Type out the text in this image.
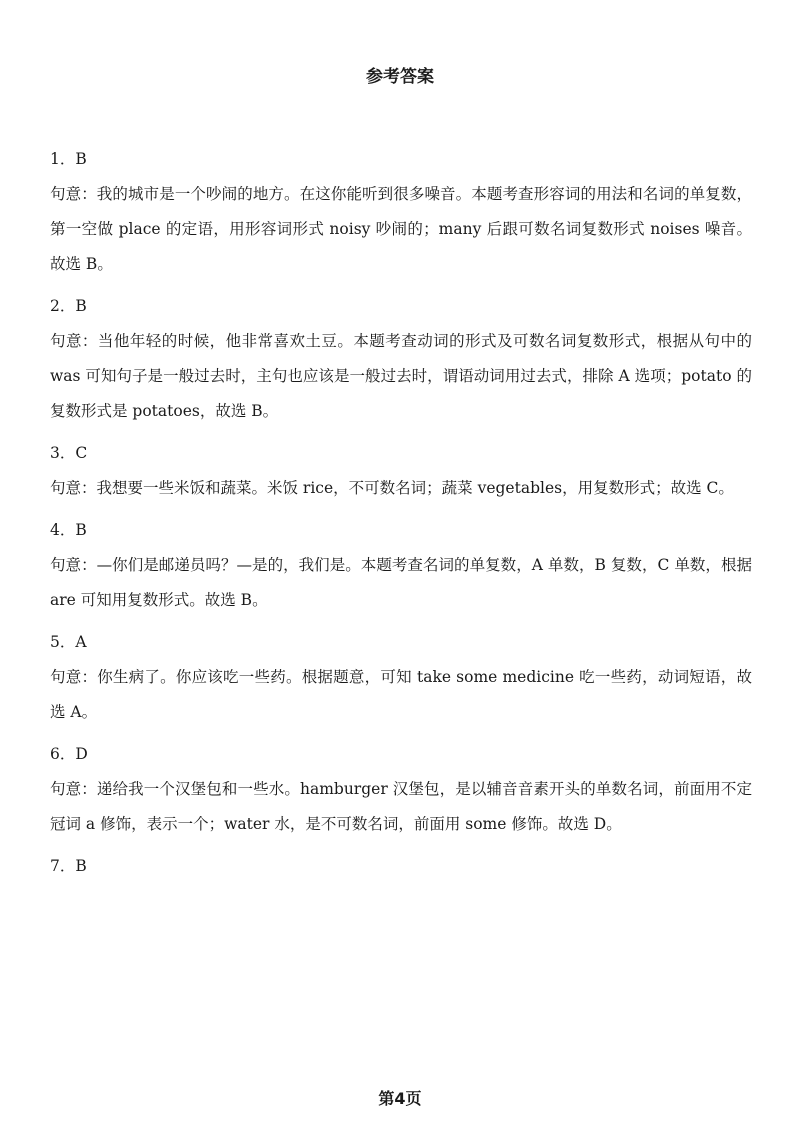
参考答案

1．B

句意：我的城市是一个吵闹的地方。在这你能听到很多噪音。本题考查形容词的用法和名词的单复数，第一空做 place 的定语，用形容词形式 noisy 吵闹的；many 后跟可数名词复数形式 noises 噪音。故选 B。

2．B

句意：当他年轻的时候，他非常喜欢土豆。本题考查动词的形式及可数名词复数形式，根据从句中的 was 可知句子是一般过去时，主句也应该是一般过去时，谓语动词用过去式，排除 A 选项；potato 的复数形式是 potatoes，故选 B。

3．C

句意：我想要一些米饭和蔬菜。米饭 rice，不可数名词；蔬菜 vegetables，用复数形式；故选 C。

4．B

句意：—你们是邮递员吗？—是的，我们是。本题考查名词的单复数，A 单数，B 复数，C 单数，根据 are 可知用复数形式。故选 B。

5．A

句意：你生病了。你应该吃一些药。根据题意，可知 take some medicine 吃一些药，动词短语，故选 A。

6．D

句意：递给我一个汉堡包和一些水。hamburger 汉堡包，是以辅音音素开头的单数名词，前面用不定冠词 a 修饰，表示一个；water 水，是不可数名词，前面用 some 修饰。故选 D。

7．B

第4页
